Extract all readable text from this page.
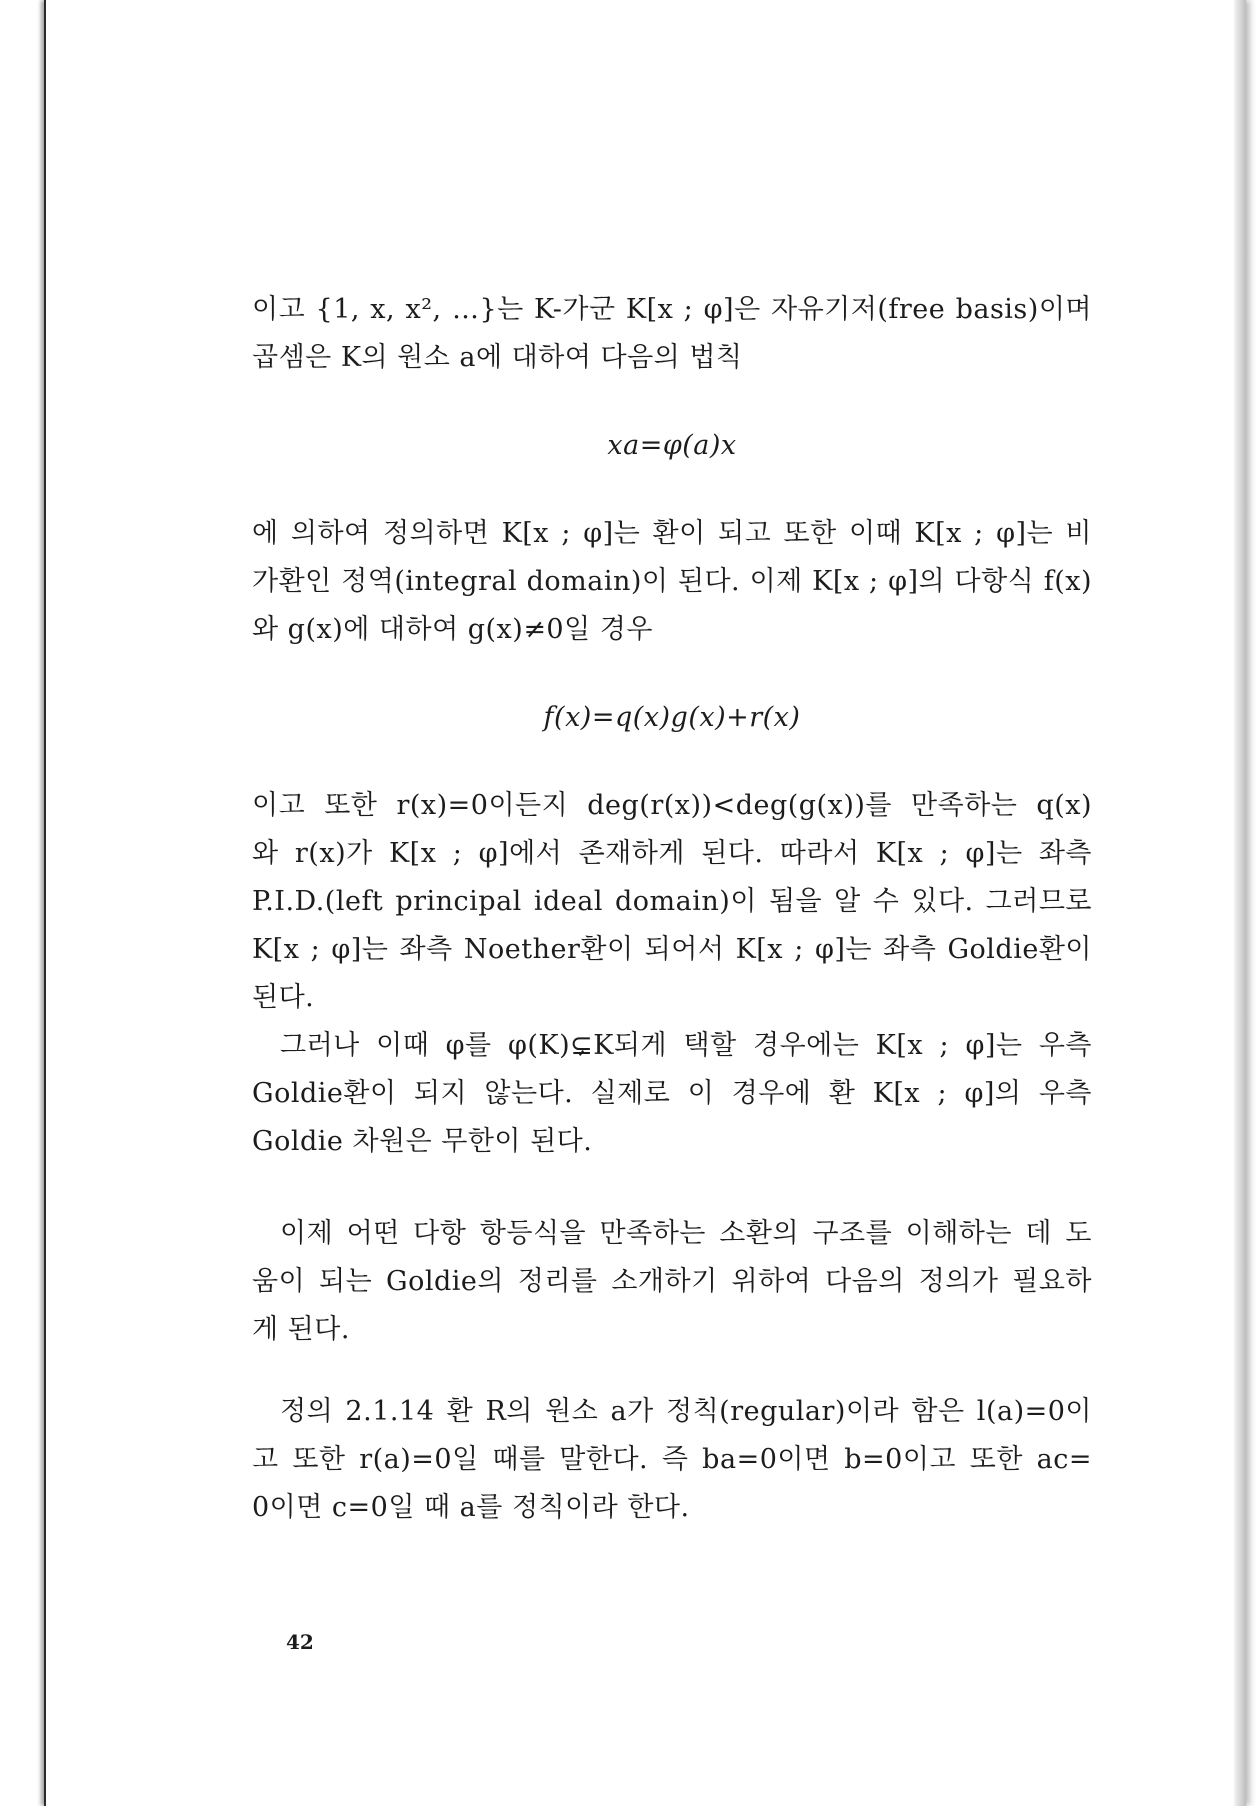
이고 {1, x, x², …}는 K-가군 K[x ; φ]은 자유기저(free basis)이며
곱셈은 K의 원소 a에 대하여 다음의 법칙
xa=φ(a)x
에 의하여 정의하면 K[x ; φ]는 환이 되고 또한 이때 K[x ; φ]는 비
가환인 정역(integral domain)이 된다. 이제 K[x ; φ]의 다항식 f(x)
와 g(x)에 대하여 g(x)≠0일 경우
f(x)=q(x)g(x)+r(x)
이고 또한 r(x)=0이든지 deg(r(x))<deg(g(x))를 만족하는 q(x)
와 r(x)가 K[x ; φ]에서 존재하게 된다. 따라서 K[x ; φ]는 좌측
P.I.D.(left principal ideal domain)이 됨을 알 수 있다. 그러므로
K[x ; φ]는 좌측 Noether환이 되어서 K[x ; φ]는 좌측 Goldie환이
된다.
그러나 이때 φ를 φ(K)⊊K되게 택할 경우에는 K[x ; φ]는 우측
Goldie환이 되지 않는다. 실제로 이 경우에 환 K[x ; φ]의 우측
Goldie 차원은 무한이 된다.
이제 어떤 다항 항등식을 만족하는 소환의 구조를 이해하는 데 도
움이 되는 Goldie의 정리를 소개하기 위하여 다음의 정의가 필요하
게 된다.
정의 2.1.14 환 R의 원소 a가 정칙(regular)이라 함은 l(a)=0이
고 또한 r(a)=0일 때를 말한다. 즉 ba=0이면 b=0이고 또한 ac=
0이면 c=0일 때 a를 정칙이라 한다.
42
